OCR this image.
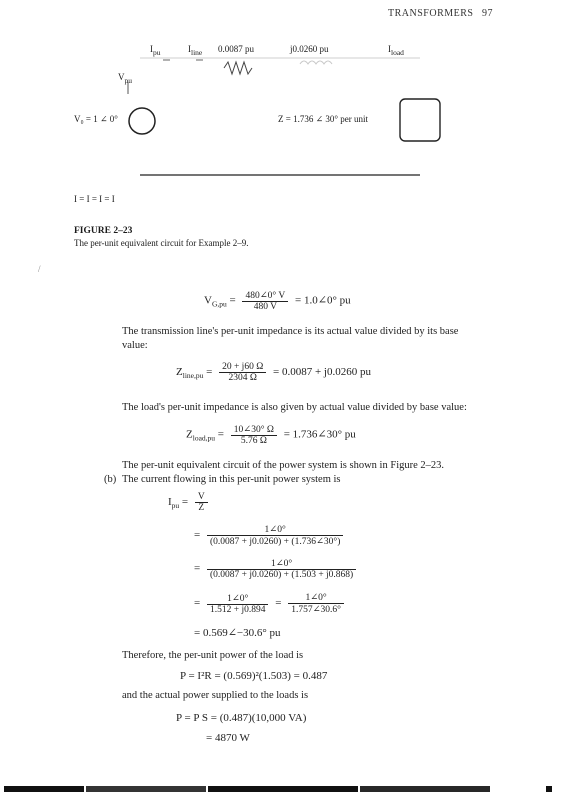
TRANSFORMERS 97
$I_{pu}$	$I_{line}$ 0.0087 pu	j0.0260 pu	$I_{load}$
$V_{pu}$
V₀ = 1 ∠ 0°	Z = 1.736 ∠ 30° per unit
I = I = I = I
FIGURE 2–23
The per-unit equivalent circuit for Example 2–9.
$V_{G,pu} = \frac{480\angle 0^\circ V}{480 V}$ = 1.0∠0° pu
The transmission line's per-unit impedance is its actual value divided by its base
value:
$Z_{line,pu} = \frac{20 + j60 \Omega}{2304 \Omega} = 0.0087 + j0.0260$ pu
The load's per-unit impedance is also given by actual value divided by base value:
$Z_{load,pu} = \frac{10\angle 30^\circ \Omega}{5.76 \Omega}$ = 1.736∠30° pu
The per-unit equivalent circuit of the power system is shown in Figure 2–23.
(b) The current flowing in this per-unit power system is
$I_{pu} = \frac{V}{Z}$
= $\frac{1\angle 0^\circ}{(0.0087 + j0.0260) + (1.736\angle 30^\circ)}$
= $\frac{1\angle 0^\circ}{(0.0087 + j0.0260) + (1.503 + j0.868)}$
= $\frac{1\angle 0^\circ}{1.512 + j0.894} = \frac{1\angle 0^\circ}{1.757\angle 30.6^\circ}$
= 0.569∠−30.6° pu
Therefore, the per-unit power of the load is
P = I²R = (0.569)²(1.503) = 0.487
and the actual power supplied to the loads is
P = P S = (0.487)(10,000 VA)
= 4870 W
/
